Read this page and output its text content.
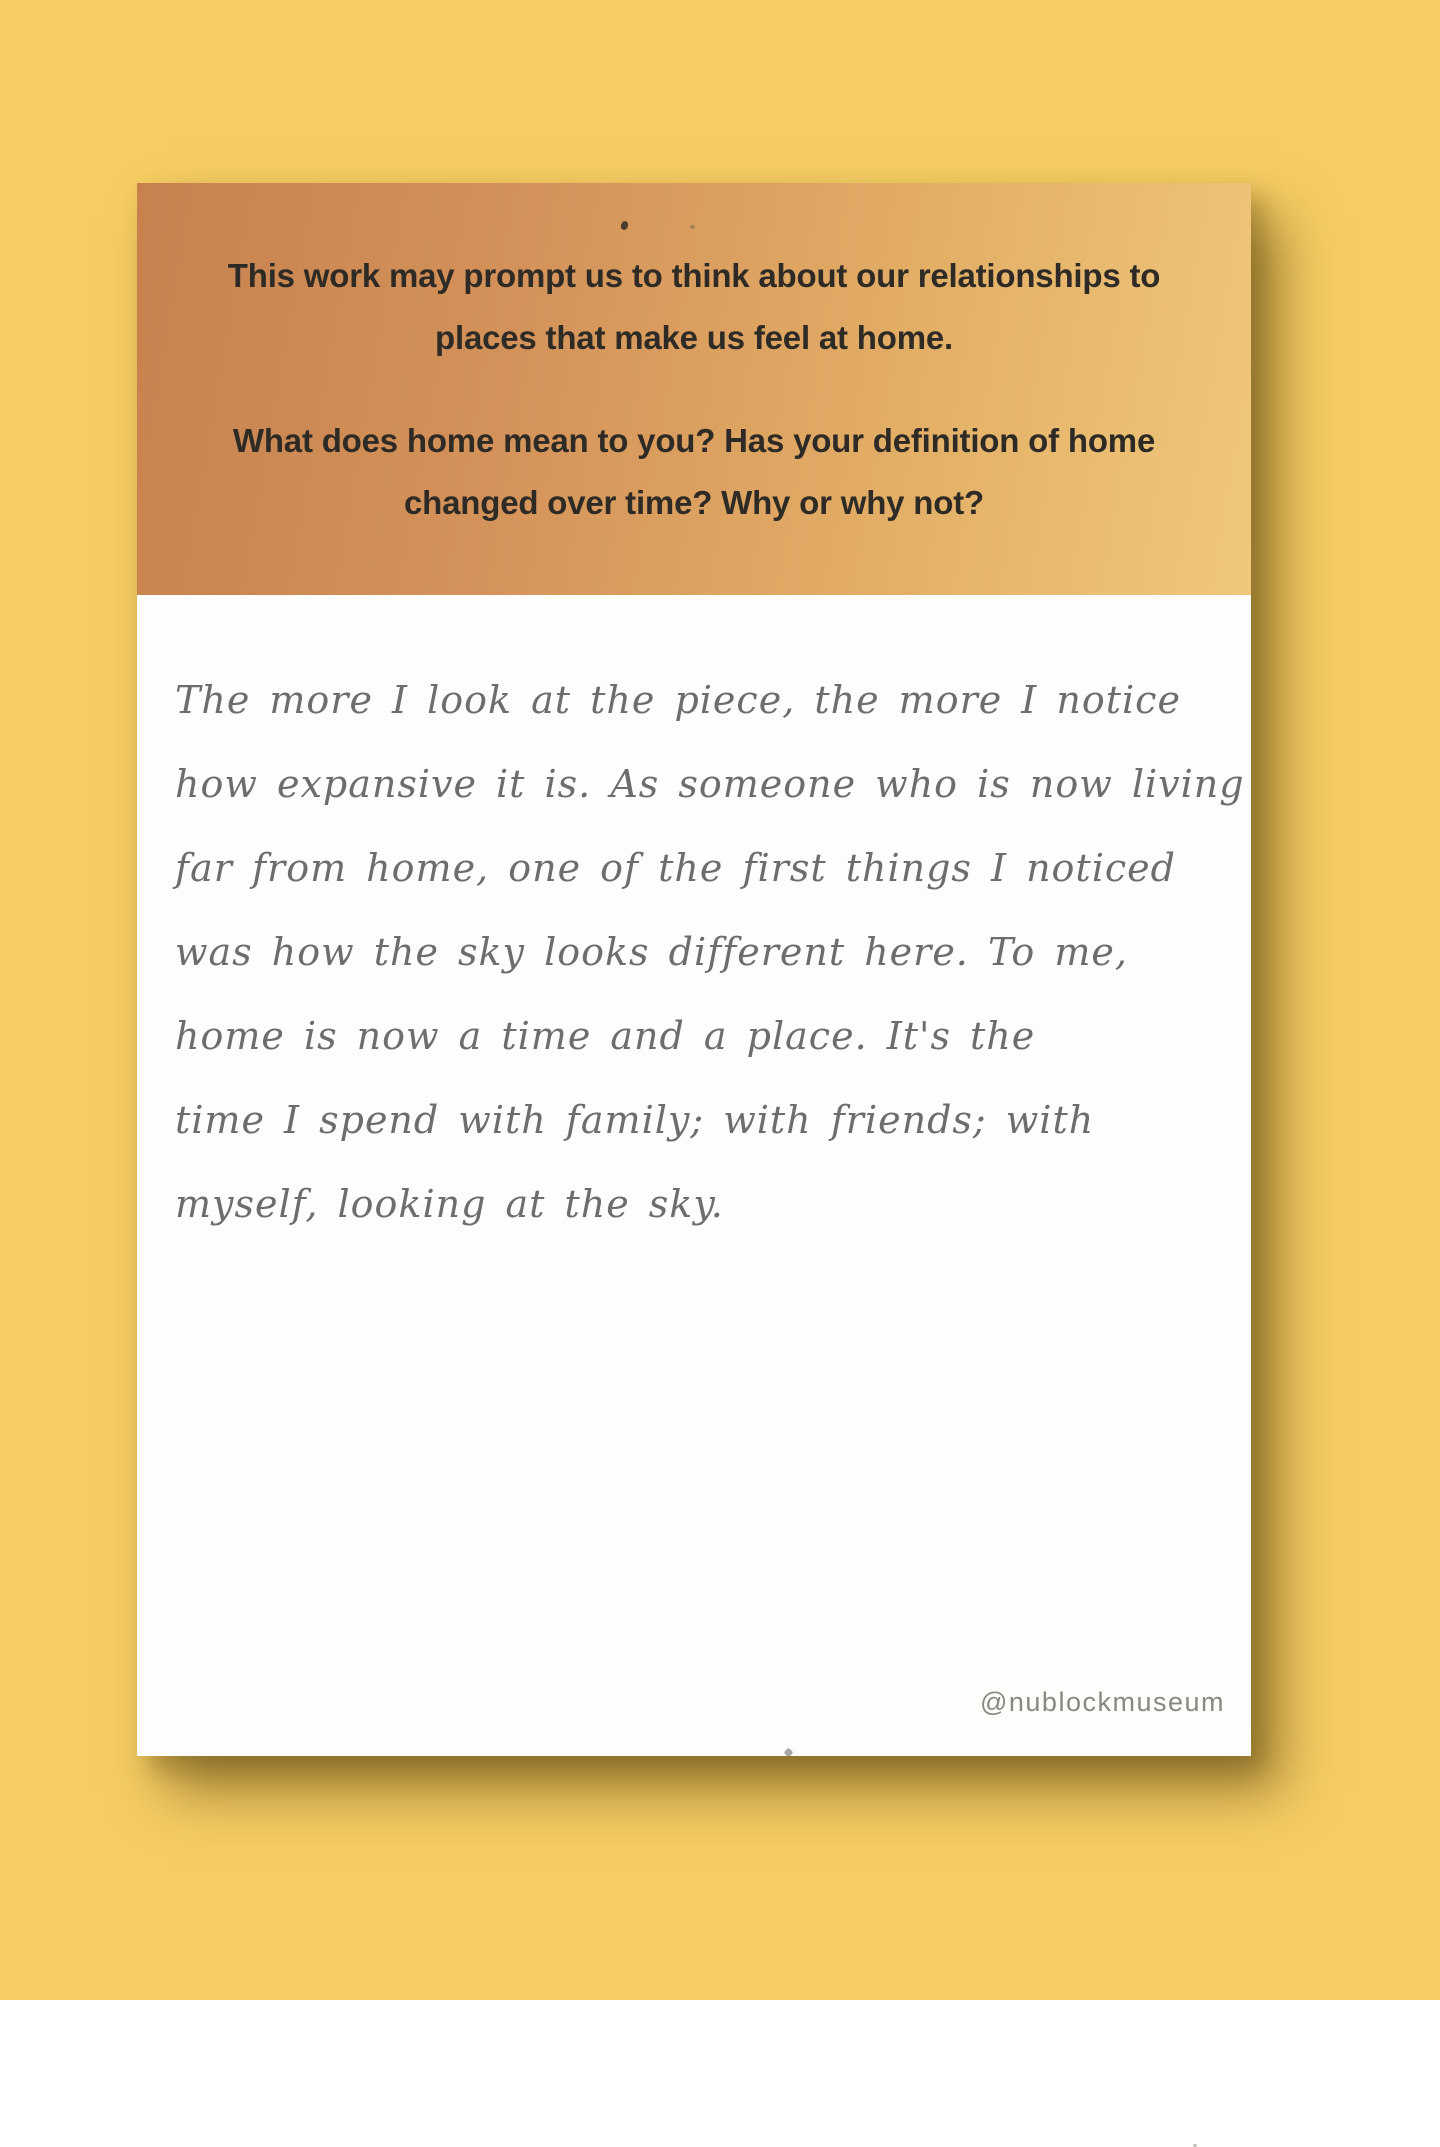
This work may prompt us to think about our relationships to
places that make us feel at home.
What does home mean to you? Has your definition of home
changed over time? Why or why not?
The more I look at the piece, the more I notice
how expansive it is. As someone who is now living
far from home, one of the first things I noticed
was how the sky looks different here. To me,
home is now a time and a place. It's the
time I spend with family; with friends; with
myself, looking at the sky.
@nublockmuseum
